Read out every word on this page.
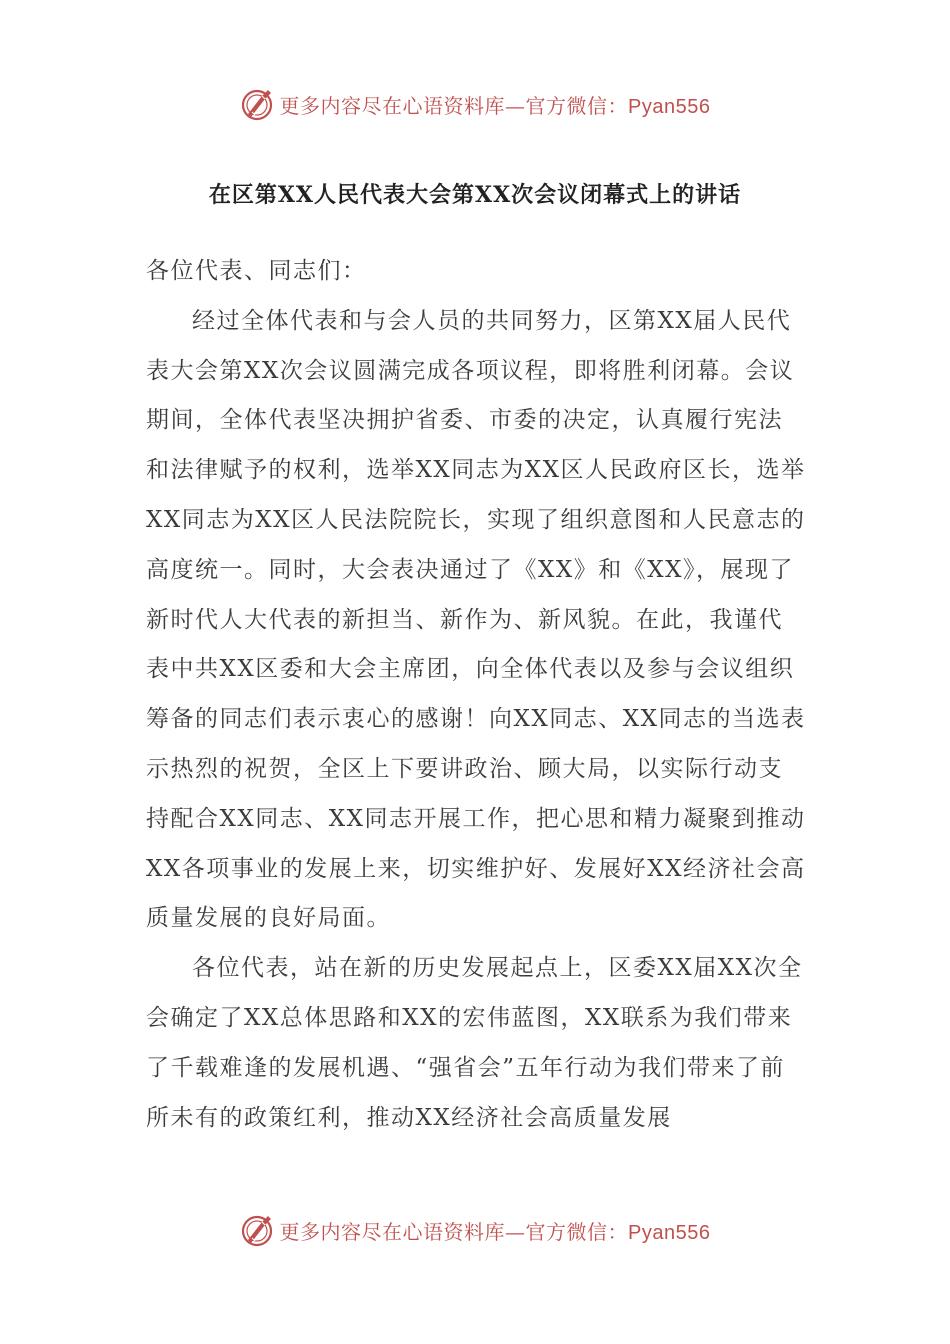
更多内容尽在心语资料库—官方微信：Pyan556
在区第XX人民代表大会第XX次会议闭幕式上的讲话

各位代表、同志们：

经过全体代表和与会人员的共同努力，区第XX届人民代表大会第XX次会议圆满完成各项议程，即将胜利闭幕。会议期间，全体代表坚决拥护省委、市委的决定，认真履行宪法和法律赋予的权利，选举XX同志为XX区人民政府区长，选举XX同志为XX区人民法院院长，实现了组织意图和人民意志的高度统一。同时，大会表决通过了《XX》和《XX》，展现了新时代人大代表的新担当、新作为、新风貌。在此，我谨代表中共XX区委和大会主席团，向全体代表以及参与会议组织筹备的同志们表示衷心的感谢！向XX同志、XX同志的当选表示热烈的祝贺，全区上下要讲政治、顾大局，以实际行动支持配合XX同志、XX同志开展工作，把心思和精力凝聚到推动XX各项事业的发展上来，切实维护好、发展好XX经济社会高质量发展的良好局面。

各位代表，站在新的历史发展起点上，区委XX届XX次全会确定了XX总体思路和XX的宏伟蓝图，XX联系为我们带来了千载难逢的发展机遇、“强省会”五年行动为我们带来了前所未有的政策红利，推动XX经济社会高质量发展

更多内容尽在心语资料库—官方微信：Pyan556
